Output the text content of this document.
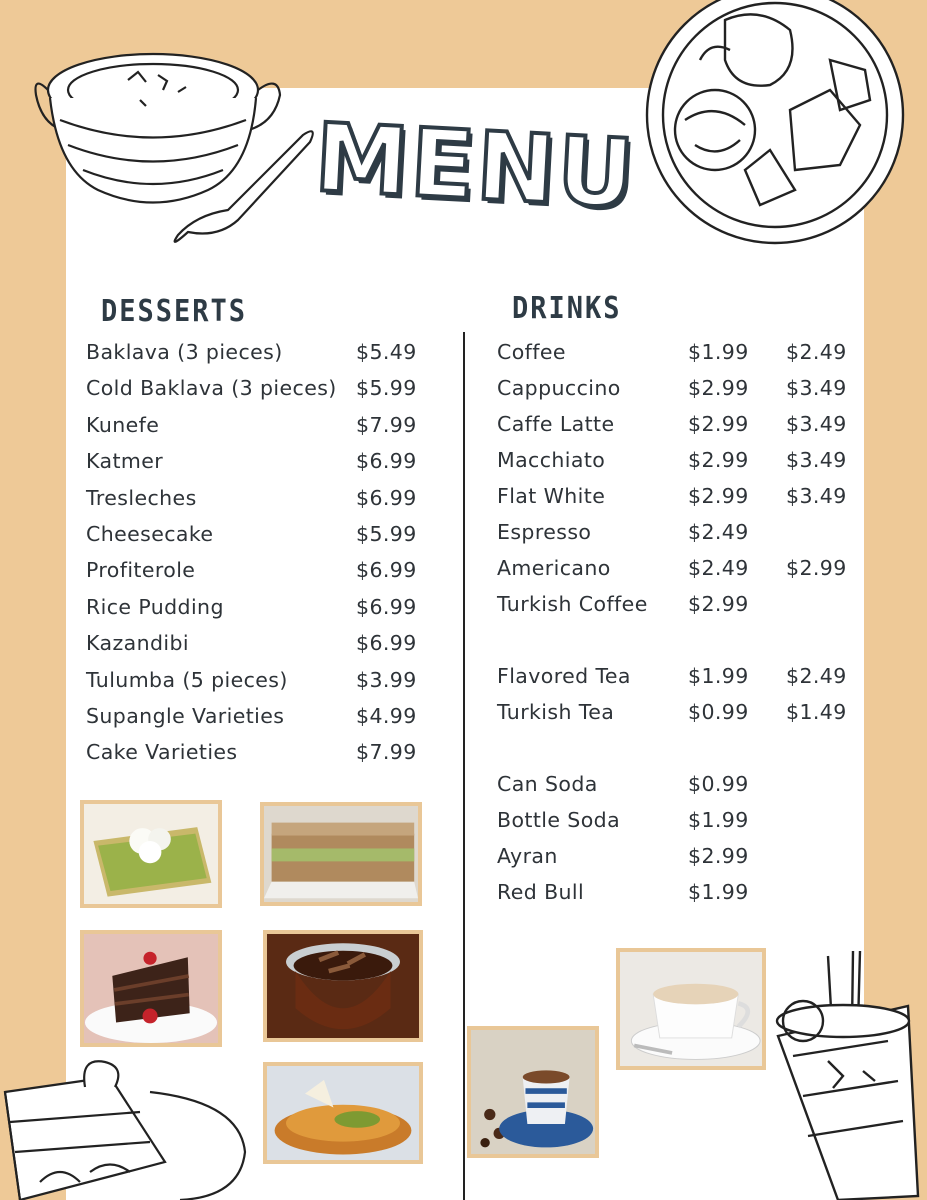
MENU
DESSERTS	DRINKS
Baklava (3 pieces)	$5.49
Cold Baklava (3 pieces) $5.99
Kunefe	$7.99
Katmer	$6.99
Tresleches	$6.99
Cheesecake	$5.99
Profiterole	$6.99
Rice Pudding	$6.99
Kazandibi	$6.99
Tulumba (5 pieces)	$3.99
Supangle Varieties	$4.99
Cake Varieties	$7.99
Coffee	$1.99 $2.49
Cappuccino	$2.99 $3.49
Caffe Latte	$2.99 $3.49
Macchiato	$2.99 $3.49
Flat White	$2.99 $3.49
Espresso	$2.49
Americano	$2.49 $2.99
Turkish Coffee $2.99
Flavored Tea	$1.99 $2.49
Turkish Tea	$0.99 $1.49
Can Soda	$0.99
Bottle Soda	$1.99
Ayran	$2.99
Red Bull	$1.99
